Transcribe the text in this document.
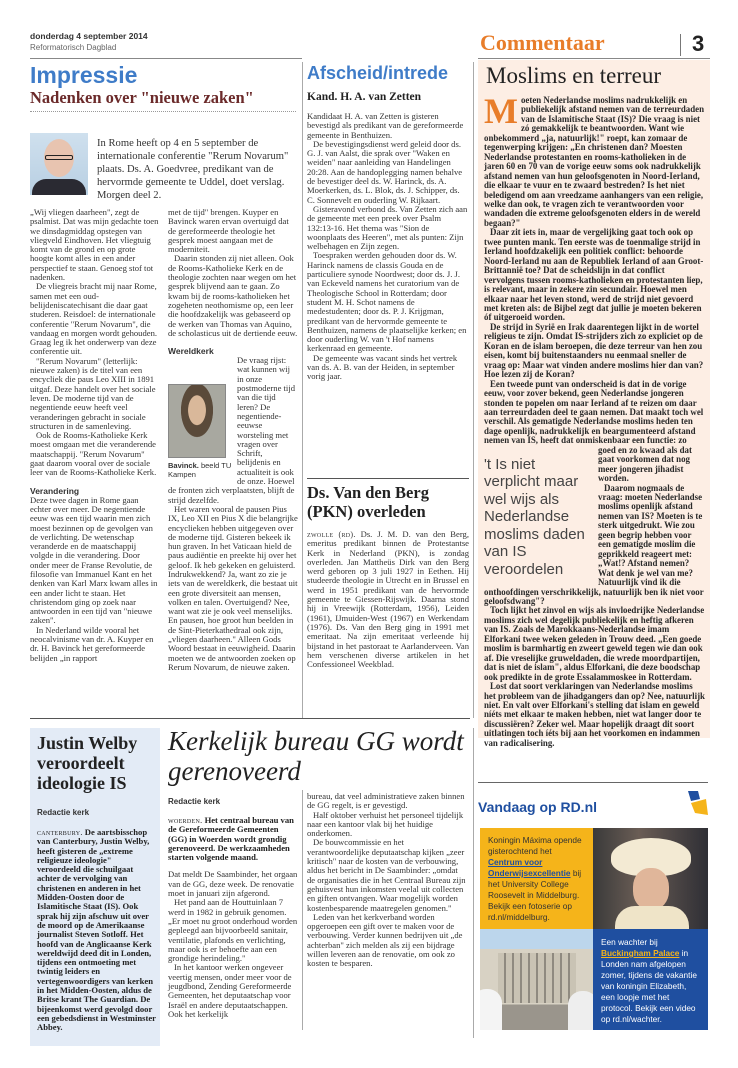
donderdag 4 september 2014
Reformatorisch Dagblad	Commentaar	3
Impressie
Nadenken over "nieuwe zaken"
In Rome heeft op 4 en 5 september de internationale conferentie "Rerum Novarum" plaats. Ds. A. Goedvree, predikant van de hervormde gemeente te Uddel, doet verslag. Morgen deel 2.

„Wij vliegen daarheen", zegt de psalmist. Dat was mijn gedachte toen we dinsdagmiddag opstegen van vliegveld Eindhoven. Het vliegtuig komt van de grond en op grote hoogte komt alles in een ander perspectief te staan. Genoeg stof tot nadenken.

De vliegreis bracht mij naar Rome, samen met een oud-belijdeniscatechisant die daar gaat studeren. Reisdoel: de internationale conferentie "Rerum Novarum", die vandaag en morgen wordt gehouden. Graag leg ik het onderwerp van deze conferentie uit.

"Rerum Novarum" (letterlijk: nieuwe zaken) is de titel van een encycliek die paus Leo XIII in 1891 uitgaf. Deze handelt over het sociale leven. De moderne tijd van de negentiende eeuw heeft veel veranderingen gebracht in sociale structuren in de samenleving.

Ook de Rooms-Katholieke Kerk moest omgaan met die veranderende maatschappij. "Rerum Novarum" gaat daarom vooral over de sociale leer van de Rooms-Katholieke Kerk.

Verandering

Deze twee dagen in Rome gaan echter over meer. De negentiende eeuw was een tijd waarin men zich moest bezinnen op de gevolgen van de verlichting. De wetenschap veranderde en de maatschappij volgde in die verandering. Door onder meer de Franse Revolutie, de filosofie van Immanuel Kant en het denken van Karl Marx kwam alles in een ander licht te staan. Het christendom ging op zoek naar antwoorden in een tijd van "nieuwe zaken".

In Nederland wilde vooral het neocalvinisme van dr. A. Kuyper en dr. H. Bavinck het gereformeerde belijden „in rapport

met de tijd" brengen. Kuyper en Bavinck waren ervan overtuigd dat de gereformeerde theologie het gesprek moest aangaan met de moderniteit.

Daarin stonden zij niet alleen. Ook de Rooms-Katholieke Kerk en de theologie zochten naar wegen om het gesprek blijvend aan te gaan. Zo kwam bij de rooms-katholieken het zogeheten neothomisme op, een leer die hoofdzakelijk was gebaseerd op de werken van Thomas van Aquino, de scholasticus uit de dertiende eeuw.

Wereldkerk

Bavinck. beeld TU Kampen
De vraag rijst: wat kunnen wij in onze postmoderne tijd van die tijd leren? De negentiende-eeuwse worsteling met vragen over Schrift, belijdenis en actualiteit is ook de onze. Hoewel de fronten zich verplaatsten, blijft de strijd dezelfde.

Het waren vooral de pausen Pius IX, Leo XII en Pius X die belangrijke encyclieken hebben uitgegeven over de moderne tijd. Gisteren bekeek ik hun graven. In het Vaticaan hield de paus audiëntie en preekte hij over het geloof. Ik heb gekeken en geluisterd. Indrukwekkend? Ja, want zo zie je iets van de wereldkerk, die bestaat uit een grote diversiteit aan mensen, volken en talen. Overtuigend? Nee, want wat zie je ook veel menselijks. En pausen, hoe groot hun beelden in de Sint-Pieterkathedraal ook zijn, „vliegen daarheen." Alleen Gods Woord bestaat in eeuwigheid. Daarin moeten we de antwoorden zoeken op Rerum Novarum, de nieuwe zaken.

Afscheid/intrede
Kand. H. A. van Zetten

Kandidaat H. A. van Zetten is gisteren bevestigd als predikant van de gereformeerde gemeente in Benthuizen.

De bevestigingsdienst werd geleid door ds. G. J. van Aalst, die sprak over "Waken en weiden" naar aanleiding van Handelingen 20:28. Aan de handoplegging namen behalve de bevestiger deel ds. W. Harinck, ds. A. Moerkerken, ds. L. Blok, ds. J. Schipper, ds. C. Sonnevelt en ouderling W. Rijkaart.

Gisteravond verbond ds. Van Zetten zich aan de gemeente met een preek over Psalm 132:13-16. Het thema was "Sion de woonplaats des Heeren", met als punten: Zijn welbehagen en Zijn zegen.

Toespraken werden gehouden door ds. W. Harinck namens de classis Gouda en de particuliere synode Noordwest; door ds. J. J. van Eckeveld namens het curatorium van de Theologische School in Rotterdam; door student M. H. Schot namens de medestudenten; door ds. P. J. Krijgman, predikant van de hervormde gemeente te Benthuizen, namens de plaatselijke kerken; en door ouderling W. van 't Hof namens kerkenraad en gemeente.

De gemeente was vacant sinds het vertrek van ds. A. B. van der Heiden, in september vorig jaar.

Ds. Van den Berg (PKN) overleden

zwolle (rd). Ds. J. M. D. van den Berg, emeritus predikant binnen de Protestantse Kerk in Nederland (PKN), is zondag overleden. Jan Mattheüs Dirk van den Berg werd geboren op 3 juli 1927 in Eethen. Hij studeerde theologie in Utrecht en in Brussel en werd in 1951 predikant van de hervormde gemeente te Giessen-Rijswijk. Daarna stond hij in Vreewijk (Rotterdam, 1956), Leiden (1961), IJmuiden-West (1967) en Werkendam (1976). Ds. Van den Berg ging in 1991 met emeritaat. Na zijn emeritaat verleende hij bijstand in het pastoraat te Aarlanderveen. Van hem verschenen diverse artikelen in het Confessioneel Weekblad.

Moslims en terreur

Moeten Nederlandse moslims nadrukkelijk en publiekelijk afstand nemen van de terreurdaden van de Islamitische Staat (IS)? Die vraag is niet zó gemakkelijk te beantwoorden. Want wie onbekommerd „ja, natuurlijk!" roept, kan zomaar de tegenwerping krijgen: „En christenen dan? Moesten Nederlandse protestanten en rooms-katholieken in de jaren 60 en 70 van de vorige eeuw soms ook nadrukkelijk afstand nemen van hun geloofsgenoten in Noord-Ierland, die elkaar te vuur en te zwaard bestreden? Is het niet beledigend om aan vreedzame aanhangers van een religie, welke dan ook, te vragen zich te verantwoorden voor wandaden die extreme geloofsgenoten elders in de wereld begaan?"

Daar zit iets in, maar de vergelijking gaat toch ook op twee punten mank. Ten eerste was de toenmalige strijd in Ierland hoofdzakelijk een politiek conflict: behoorde Noord-Ierland nu aan de Republiek Ierland of aan Groot-Brittannië toe? Dat de scheidslijn in dat conflict vervolgens tussen rooms-katholieken en protestanten liep, is relevant, maar in zekere zin secundair. Hoewel men elkaar naar het leven stond, werd de strijd niet gevoerd met kreten als: de Bijbel zegt dat jullie je moeten bekeren óf uitgeroeid worden.

De strijd in Syrië en Irak daarentegen lijkt in de wortel religieus te zijn. Omdat IS-strijders zich zo expliciet op de Koran en de islam beroepen, die deze terreur van hen zou eisen, komt bij buitenstaanders nu eenmaal sneller de vraag op: Maar wat vinden andere moslims hier dan van? Hoe lezen zij de Koran?

Een tweede punt van onderscheid is dat in de vorige eeuw, voor zover bekend, geen Nederlandse jongeren stonden te popelen om naar Ierland af te reizen om daar aan terreurdaden deel te gaan nemen. Dat maakt toch wel verschil. Als gematigde Nederlandse moslims heden ten dage openlijk, nadrukkelijk en beargumenteerd afstand nemen van IS, heeft dat onmiskenbaar
't Is niet verplicht maar wel wijs als Nederlandse moslims daden van IS veroordelen
een functie: zo goed en zo kwaad als dat gaat voorkomen dat nog meer jongeren jihadist worden.

Daarom nogmaals de vraag: moeten Nederlandse moslims openlijk afstand nemen van IS? Moeten is te sterk uitgedrukt. Wie zou geen begrip hebben voor een gematigde moslim die geprikkeld reageert met: „Wat!? Afstand nemen? Wat denk je wel van me? Natuurlijk vind ik die onthoofdingen verschrikkelijk, natuurlijk ben ik niet voor geloofsdwang"?

Toch lijkt het zinvol en wijs als invloedrijke Nederlandse moslims zich wel degelijk publiekelijk en heftig afkeren van IS. Zoals de Marokkaans-Nederlandse imam Elforkani twee weken geleden in Trouw deed. „Een goede moslim is barmhartig en zweert geweld tegen wie dan ook af. Die vreselijke gruweldaden, die wrede moordpartijen, dat is niet de islam", aldus Elforkani, die deze boodschap ook predikte in de grote Essalammoskee in Rotterdam.

Lost dat soort verklaringen van Nederlandse moslims het probleem van de jihadgangers dan op? Nee, natuurlijk niet. En valt over Elforkani's stelling dat islam en geweld níéts met elkaar te maken hebben, niet wat langer door te discussiëren? Zeker wel. Maar hopelijk draagt dit soort uitlatingen toch íéts bij aan het voorkomen en indammen van radicalisering.

Justin Welby veroordeelt ideologie IS
Redactie kerk

canterbury. De aartsbisschop van Canterbury, Justin Welby, heeft gisteren de „extreme religieuze ideologie" veroordeeld die schuilgaat achter de vervolging van christenen en anderen in het Midden-Oosten door de Islamitische Staat (IS). Ook sprak hij zijn afschuw uit over de moord op de Amerikaanse journalist Steven Sotloff. Het hoofd van de Anglicaanse Kerk wereldwijd deed dit in Londen, tijdens een ontmoeting met twintig leiders en vertegenwoordigers van kerken in het Midden-Oosten, aldus de Britse krant The Guardian. De bijeenkomst werd gevolgd door een gebedsdienst in Westminster Abbey.

Kerkelijk bureau GG wordt gerenoveerd
Redactie kerk

woerden. Het centraal bureau van de Gereformeerde Gemeenten (GG) in Woerden wordt grondig gerenoveerd. De werkzaamheden starten volgende maand.

Dat meldt De Saambinder, het orgaan van de GG, deze week. De renovatie moet in januari zijn afgerond.

Het pand aan de Houttuinlaan 7 werd in 1982 in gebruik genomen. „Er moet nu groot onderhoud worden gepleegd aan bijvoorbeeld sanitair, ventilatie, plafonds en verlichting, maar ook is er behoefte aan een grondige herindeling."

In het kantoor werken ongeveer veertig mensen, onder meer voor de jeugdbond, Zending Gereformeerde Gemeenten, het deputaatschap voor Israël en andere deputaatschappen. Ook het kerkelijk

bureau, dat veel administratieve zaken binnen de GG regelt, is er gevestigd.

Half oktober verhuist het personeel tijdelijk naar een kantoor vlak bij het huidige onderkomen.

De bouwcommissie en het verantwoordelijke deputaatschap kijken „zeer kritisch" naar de kosten van de verbouwing, aldus het bericht in De Saambinder: „omdat de organisaties die in het Centraal Bureau zijn gehuisvest hun inkomsten veelal uit collecten en giften ontvangen. Waar mogelijk worden kostenbesparende maatregelen genomen."

Leden van het kerkverband worden opgeroepen een gift over te maken voor de verbouwing. Verder kunnen bedrijven uit „de achterban" zich melden als zij een bijdrage willen leveren aan de renovatie, om ook zo kosten te besparen.

Vandaag op RD.nl
Koningin Máxima opende gisterochtend het Centrum voor Onderwijsexcellentie bij het University College Roosevelt in Middelburg. Bekijk een fotoserie op rd.nl/middelburg.
Een wachter bij Buckingham Palace in Londen nam afgelopen zomer, tijdens de vakantie van koningin Elizabeth, een loopje met het protocol. Bekijk een video op rd.nl/wachter.
